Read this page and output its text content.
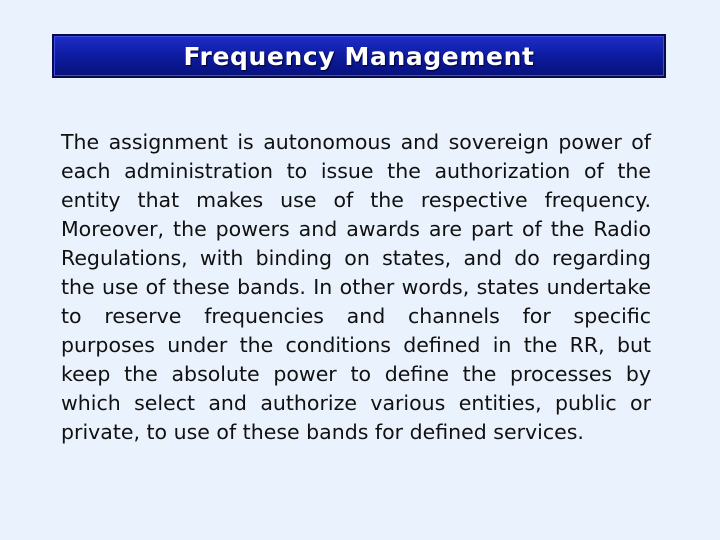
Frequency Management

The assignment is autonomous and sovereign power of each administration to issue the authorization of the entity that makes use of the respective frequency. Moreover, the powers and awards are part of the Radio Regulations, with binding on states, and do regarding the use of these bands. In other words, states undertake to reserve frequencies and channels for specific purposes under the conditions defined in the RR, but keep the absolute power to define the processes by which select and authorize various entities, public or private, to use of these bands for defined services.
